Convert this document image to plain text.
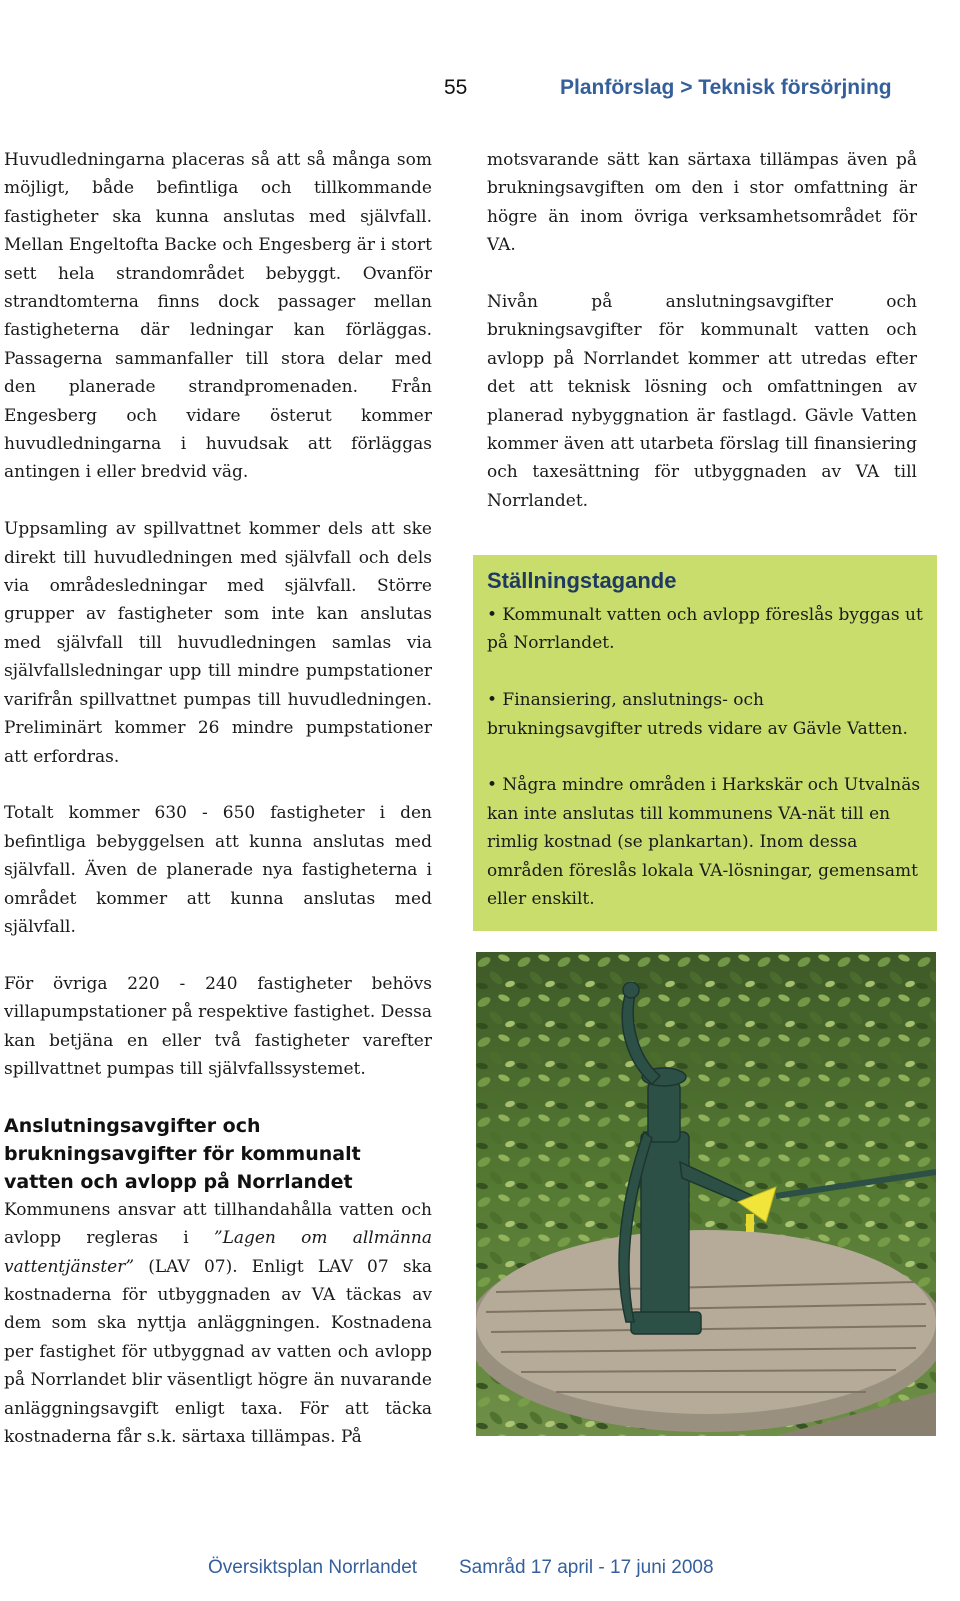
55	Planförslag > Teknisk försörjning

Huvudledningarna placeras så att så många som möjligt, både befintliga och tillkommande fastigheter ska kunna anslutas med självfall. Mellan Engeltofta Backe och Engesberg är i stort sett hela strandområdet bebyggt. Ovanför strandtomterna finns dock passager mellan fastigheterna där ledningar kan förläggas. Passagerna sammanfaller till stora delar med den planerade strandpromenaden. Från Engesberg och vidare österut kommer huvudledningarna i huvudsak att förläggas antingen i eller bredvid väg.

Uppsamling av spillvattnet kommer dels att ske direkt till huvudledningen med självfall och dels via områdesledningar med självfall. Större grupper av fastigheter som inte kan anslutas med självfall till huvudledningen samlas via självfallsledningar upp till mindre pumpstationer varifrån spillvattnet pumpas till huvudledningen. Preliminärt kommer 26 mindre pumpstationer att erfordras.

Totalt kommer 630 - 650 fastigheter i den befintliga bebyggelsen att kunna anslutas med självfall. Även de planerade nya fastigheterna i området kommer att kunna anslutas med självfall.

För övriga 220 - 240 fastigheter behövs villapumpstationer på respektive fastighet. Dessa kan betjäna en eller två fastigheter varefter spillvattnet pumpas till självfallssystemet.

Anslutningsavgifter och brukningsavgifter för kommunalt vatten och avlopp på Norrlandet

Kommunens ansvar att tillhandahålla vatten och avlopp regleras i ”Lagen om allmänna vattentjänster” (LAV 07). Enligt LAV 07 ska kostnaderna för utbyggnaden av VA täckas av dem som ska nyttja anläggningen. Kostnadena per fastighet för utbyggnad av vatten och avlopp på Norrlandet blir väsentligt högre än nuvarande anläggningsavgift enligt taxa. För att täcka kostnaderna får s.k. särtaxa tillämpas. På

motsvarande sätt kan särtaxa tillämpas även på brukningsavgiften om den i stor omfattning är högre än inom övriga verksamhetsområdet för VA.

Nivån på anslutningsavgifter och brukningsavgifter för kommunalt vatten och avlopp på Norrlandet kommer att utredas efter det att teknisk lösning och omfattningen av planerad nybyggnation är fastlagd. Gävle Vatten kommer även att utarbeta förslag till finansiering och taxesättning för utbyggnaden av VA till Norrlandet.

Ställningstagande
• Kommunalt vatten och avlopp föreslås byggas ut på Norrlandet.
• Finansiering, anslutnings- och brukningsavgifter utreds vidare av Gävle Vatten.
• Några mindre områden i Harkskär och Utvalnäs kan inte anslutas till kommunens VA-nät till en rimlig kostnad (se plankartan). Inom dessa områden föreslås lokala VA-lösningar, gemensamt eller enskilt.
Översiktsplan Norrlandet Samråd 17 april - 17 juni 2008
